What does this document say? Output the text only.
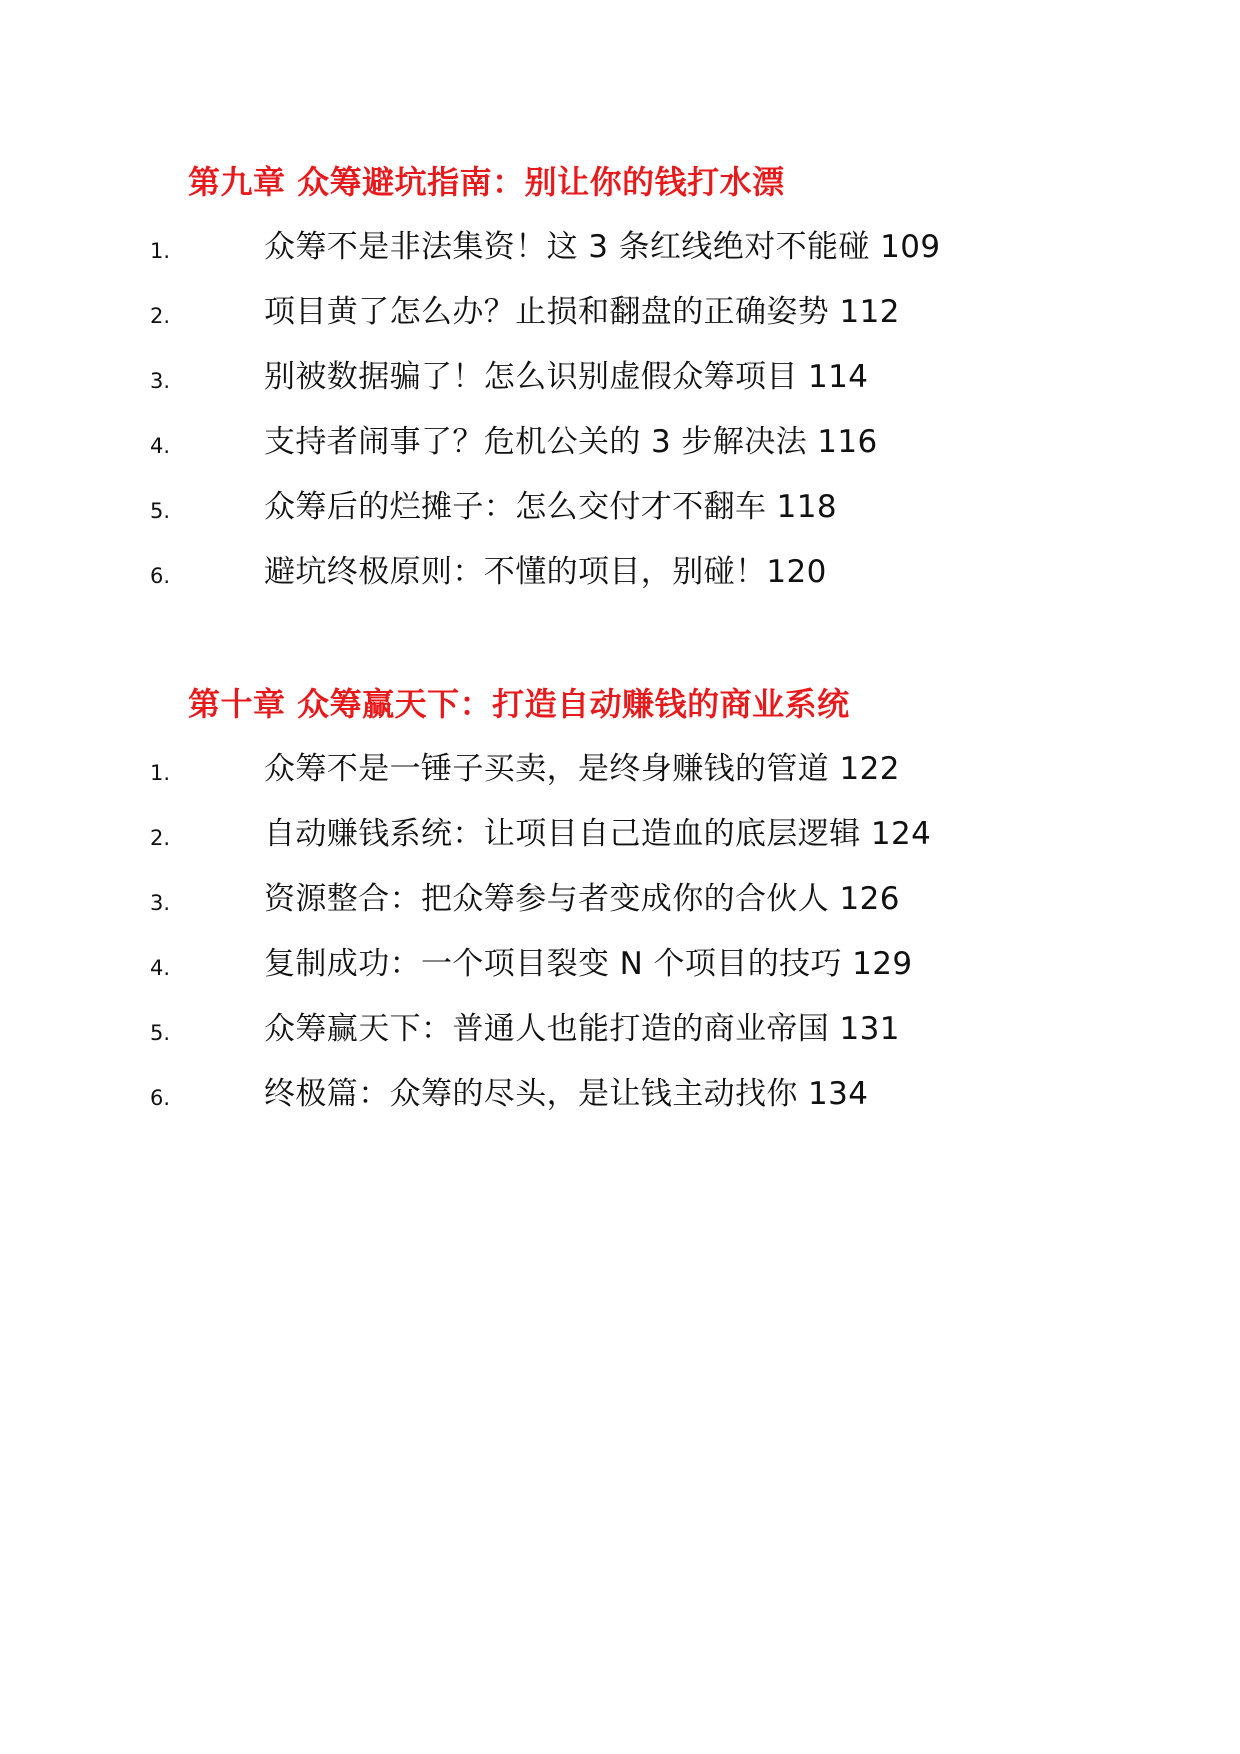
第九章 众筹避坑指南：别让你的钱打水漂
1.	众筹不是非法集资！这 3 条红线绝对不能碰 109
2.	项目黄了怎么办？止损和翻盘的正确姿势 112
3.	别被数据骗了！怎么识别虚假众筹项目 114
4.	支持者闹事了？危机公关的 3 步解决法 116
5.	众筹后的烂摊子：怎么交付才不翻车 118
6.	避坑终极原则：不懂的项目，别碰！120
第十章 众筹赢天下：打造自动赚钱的商业系统
1.	众筹不是一锤子买卖，是终身赚钱的管道 122
2.	自动赚钱系统：让项目自己造血的底层逻辑 124
3.	资源整合：把众筹参与者变成你的合伙人 126
4.	复制成功：一个项目裂变 N 个项目的技巧 129
5.	众筹赢天下：普通人也能打造的商业帝国 131
6.	终极篇：众筹的尽头，是让钱主动找你 134
